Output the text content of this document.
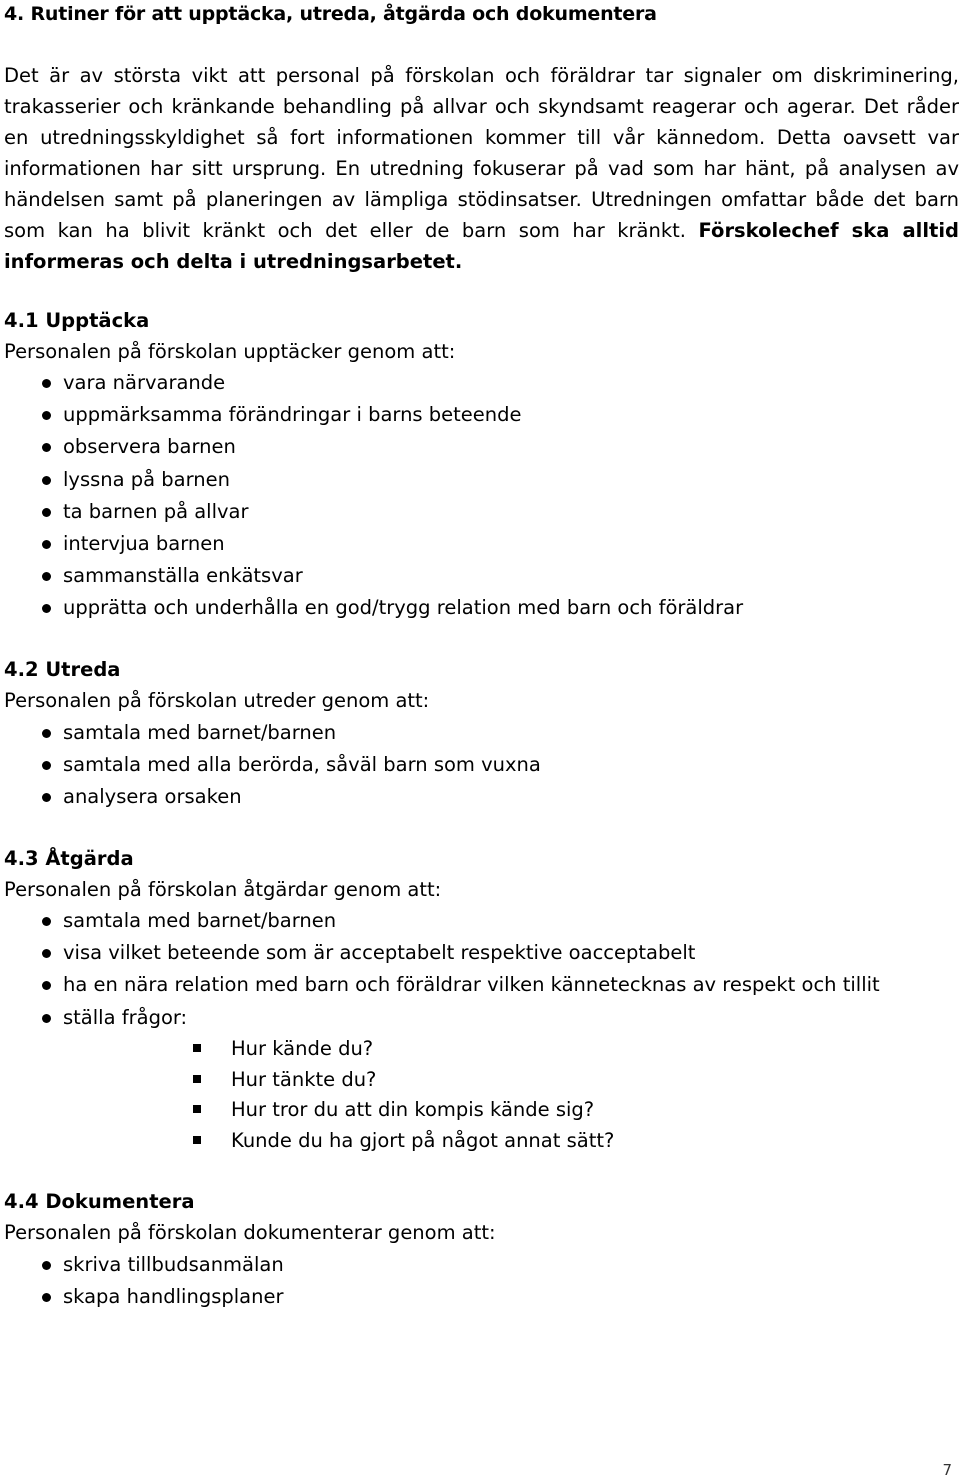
4. Rutiner för att upptäcka, utreda, åtgärda och dokumentera
Det är av största vikt att personal på förskolan och föräldrar tar signaler om diskriminering, trakasserier och kränkande behandling på allvar och skyndsamt reagerar och agerar. Det råder en utredningsskyldighet så fort informationen kommer till vår kännedom. Detta oavsett var informationen har sitt ursprung. En utredning fokuserar på vad som har hänt, på analysen av händelsen samt på planeringen av lämpliga stödinsatser. Utredningen omfattar både det barn som kan ha blivit kränkt och det eller de barn som har kränkt. Förskolechef ska alltid informeras och delta i utredningsarbetet.
4.1 Upptäcka
Personalen på förskolan upptäcker genom att:
vara närvarande
uppmärksamma förändringar i barns beteende
observera barnen
lyssna på barnen
ta barnen på allvar
intervjua barnen
sammanställa enkätsvar
upprätta och underhålla en god/trygg relation med barn och föräldrar
4.2 Utreda
Personalen på förskolan utreder genom att:
samtala med barnet/barnen
samtala med alla berörda, såväl barn som vuxna
analysera orsaken
4.3 Åtgärda
Personalen på förskolan åtgärdar genom att:
samtala med barnet/barnen
visa vilket beteende som är acceptabelt respektive oacceptabelt
ha en nära relation med barn och föräldrar vilken kännetecknas av respekt och tillit
ställa frågor:
Hur kände du?
Hur tänkte du?
Hur tror du att din kompis kände sig?
Kunde du ha gjort på något annat sätt?
4.4 Dokumentera
Personalen på förskolan dokumenterar genom att:
skriva tillbudsanmälan
skapa handlingsplaner
7
